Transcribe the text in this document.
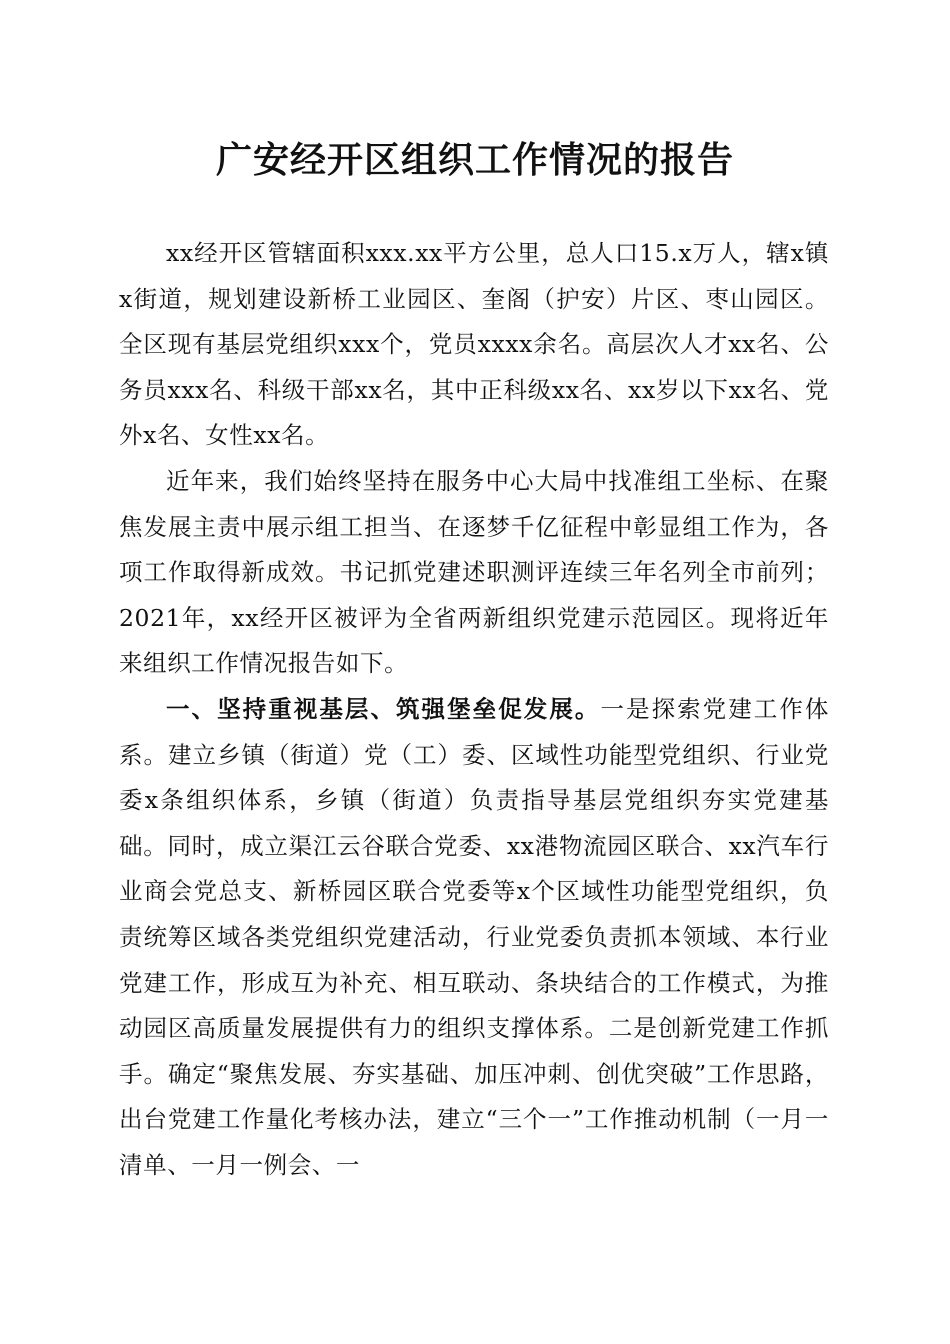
广安经开区组织工作情况的报告

xx经开区管辖面积xxx.xx平方公里，总人口15.x万人，辖x镇x街道，规划建设新桥工业园区、奎阁（护安）片区、枣山园区。全区现有基层党组织xxx个，党员xxxx余名。高层次人才xx名、公务员xxx名、科级干部xx名，其中正科级xx名、xx岁以下xx名、党外x名、女性xx名。

近年来，我们始终坚持在服务中心大局中找准组工坐标、在聚焦发展主责中展示组工担当、在逐梦千亿征程中彰显组工作为，各项工作取得新成效。书记抓党建述职测评连续三年名列全市前列；2021年，xx经开区被评为全省两新组织党建示范园区。现将近年来组织工作情况报告如下。

一、坚持重视基层、筑强堡垒促发展。一是探索党建工作体系。建立乡镇（街道）党（工）委、区域性功能型党组织、行业党委x条组织体系，乡镇（街道）负责指导基层党组织夯实党建基础。同时，成立渠江云谷联合党委、xx港物流园区联合、xx汽车行业商会党总支、新桥园区联合党委等x个区域性功能型党组织，负责统筹区域各类党组织党建活动，行业党委负责抓本领域、本行业党建工作，形成互为补充、相互联动、条块结合的工作模式，为推动园区高质量发展提供有力的组织支撑体系。二是创新党建工作抓手。确定“聚焦发展、夯实基础、加压冲刺、创优突破”工作思路，出台党建工作量化考核办法，建立“三个一”工作推动机制（一月一清单、一月一例会、一
